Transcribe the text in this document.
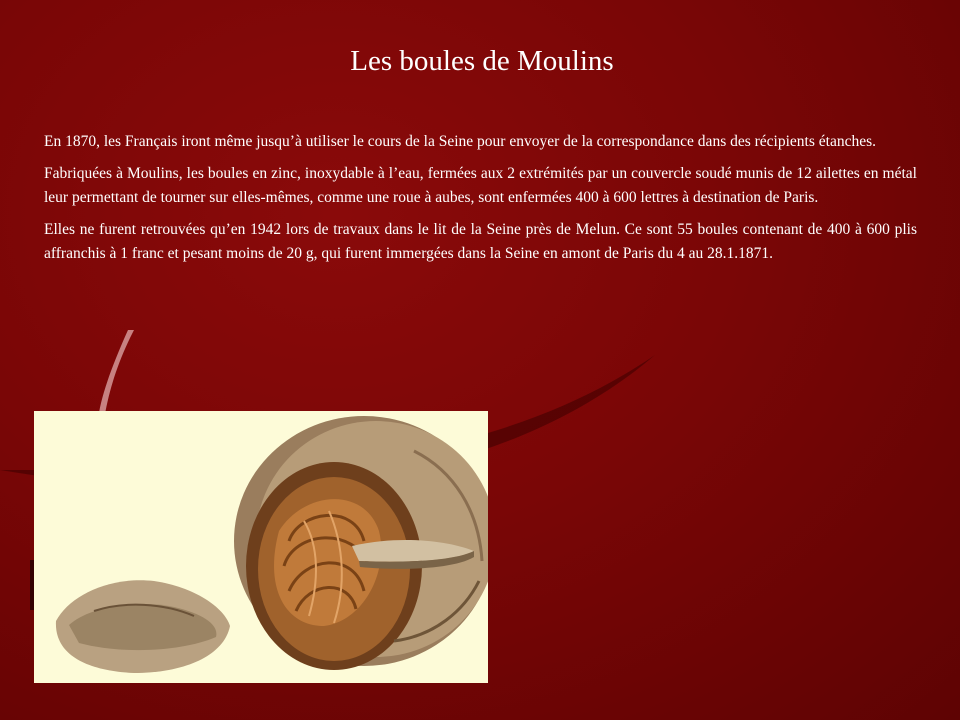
Les boules de Moulins

En 1870, les Français iront même jusqu’à utiliser le cours de la Seine pour envoyer de la correspondance dans des récipients étanches.

Fabriquées à Moulins, les boules en zinc, inoxydable à l’eau, fermées aux 2 extrémités par un couvercle soudé munis de 12 ailettes en métal leur permettant de tourner sur elles-mêmes, comme une roue à aubes, sont enfermées 400 à 600 lettres à destination de Paris.

Elles ne furent retrouvées qu’en 1942 lors de travaux dans le lit de la Seine près de Melun. Ce sont 55 boules contenant de 400 à 600 plis affranchis à 1 franc et pesant moins de 20 g, qui furent immergées dans la Seine en amont de Paris du 4 au 28.1.1871.
